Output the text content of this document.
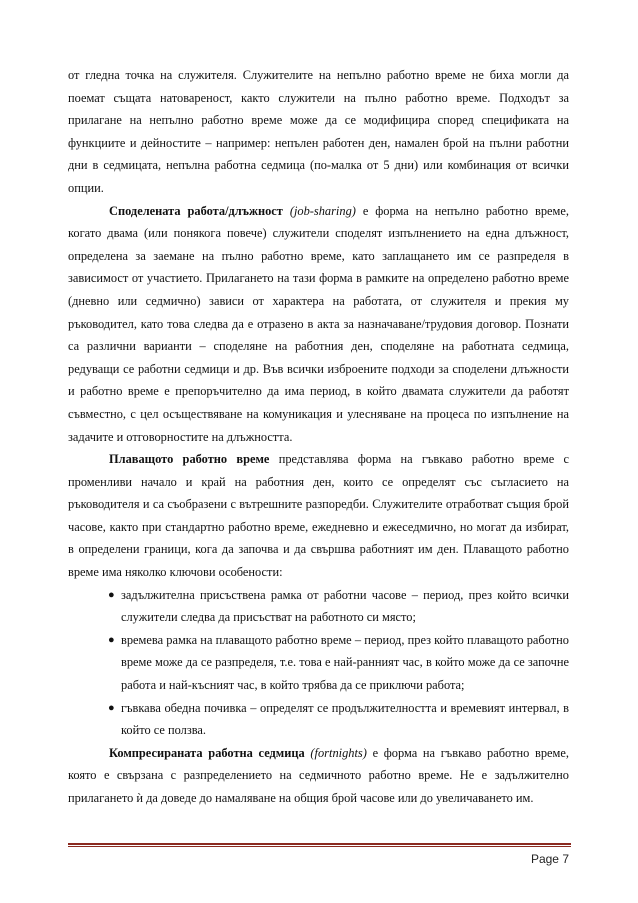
от гледна точка на служителя. Служителите на непълно работно време не биха могли да поемат същата натовареност, както служители на пълно работно време. Подходът за прилагане на непълно работно време може да се модифицира според спецификата на функциите и дейностите – например: непълен работен ден, намален брой на пълни работни дни в седмицата, непълна работна седмица (по-малка от 5 дни) или комбинация от всички опции.

Споделената работа/длъжност (job-sharing) е форма на непълно работно време, когато двама (или понякога повече) служители споделят изпълнението на една длъжност, определена за заемане на пълно работно време, като заплащането им се разпределя в зависимост от участието. Прилагането на тази форма в рамките на определено работно време (дневно или седмично) зависи от характера на работата, от служителя и прекия му ръководител, като това следва да е отразено в акта за назначаване/трудовия договор. Познати са различни варианти – споделяне на работния ден, споделяне на работната седмица, редуващи се работни седмици и др. Във всички изброените подходи за споделени длъжности и работно време е препоръчително да има период, в който двамата служители да работят съвместно, с цел осъществяване на комуникация и улесняване на процеса по изпълнение на задачите и отговорностите на длъжността.

Плаващото работно време представлява форма на гъвкаво работно време с променливи начало и край на работния ден, които се определят със съгласието на ръководителя и са съобразени с вътрешните разпоредби. Служителите отработват същия брой часове, както при стандартно работно време, ежедневно и ежеседмично, но могат да избират, в определени граници, кога да започва и да свършва работният им ден. Плаващото работно време има няколко ключови особености:

● задължителна присъствена рамка от работни часове – период, през който всички служители следва да присъстват на работното си място;
● времева рамка на плаващото работно време – период, през който плаващото работно време може да се разпределя, т.е. това е най-ранният час, в който може да се започне работа и най-късният час, в който трябва да се приключи работа;
● гъвкава обедна почивка – определят се продължителността и времевият интервал, в който се ползва.

Компресираната работна седмица (fortnights) е форма на гъвкаво работно време, която е свързана с разпределението на седмичното работно време. Не е задължително прилагането ѝ да доведе до намаляване на общия брой часове или до увеличаването им.

Page 7
